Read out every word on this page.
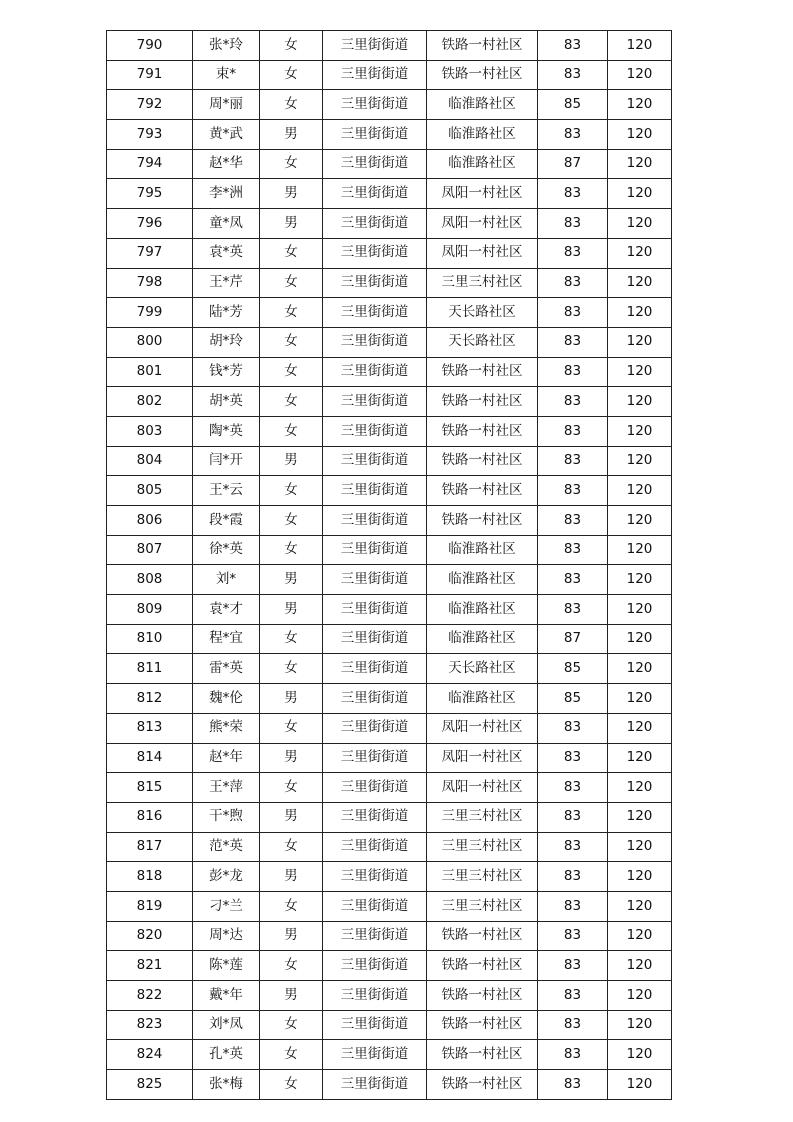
790	张*玲	女	三里街街道	铁路一村社区	83	120
791	束*	女	三里街街道	铁路一村社区	83	120
792	周*丽	女	三里街街道	临淮路社区	85	120
793	黄*武	男	三里街街道	临淮路社区	83	120
794	赵*华	女	三里街街道	临淮路社区	87	120
795	李*洲	男	三里街街道	凤阳一村社区	83	120
796	童*凤	男	三里街街道	凤阳一村社区	83	120
797	袁*英	女	三里街街道	凤阳一村社区	83	120
798	王*芹	女	三里街街道	三里三村社区	83	120
799	陆*芳	女	三里街街道	天长路社区	83	120
800	胡*玲	女	三里街街道	天长路社区	83	120
801	钱*芳	女	三里街街道	铁路一村社区	83	120
802	胡*英	女	三里街街道	铁路一村社区	83	120
803	陶*英	女	三里街街道	铁路一村社区	83	120
804	闫*开	男	三里街街道	铁路一村社区	83	120
805	王*云	女	三里街街道	铁路一村社区	83	120
806	段*霞	女	三里街街道	铁路一村社区	83	120
807	徐*英	女	三里街街道	临淮路社区	83	120
808	刘*	男	三里街街道	临淮路社区	83	120
809	袁*才	男	三里街街道	临淮路社区	83	120
810	程*宜	女	三里街街道	临淮路社区	87	120
811	雷*英	女	三里街街道	天长路社区	85	120
812	魏*伦	男	三里街街道	临淮路社区	85	120
813	熊*荣	女	三里街街道	凤阳一村社区	83	120
814	赵*年	男	三里街街道	凤阳一村社区	83	120
815	王*萍	女	三里街街道	凤阳一村社区	83	120
816	干*煦	男	三里街街道	三里三村社区	83	120
817	范*英	女	三里街街道	三里三村社区	83	120
818	彭*龙	男	三里街街道	三里三村社区	83	120
819	刁*兰	女	三里街街道	三里三村社区	83	120
820	周*达	男	三里街街道	铁路一村社区	83	120
821	陈*莲	女	三里街街道	铁路一村社区	83	120
822	戴*年	男	三里街街道	铁路一村社区	83	120
823	刘*凤	女	三里街街道	铁路一村社区	83	120
824	孔*英	女	三里街街道	铁路一村社区	83	120
825	张*梅	女	三里街街道	铁路一村社区	83	120
